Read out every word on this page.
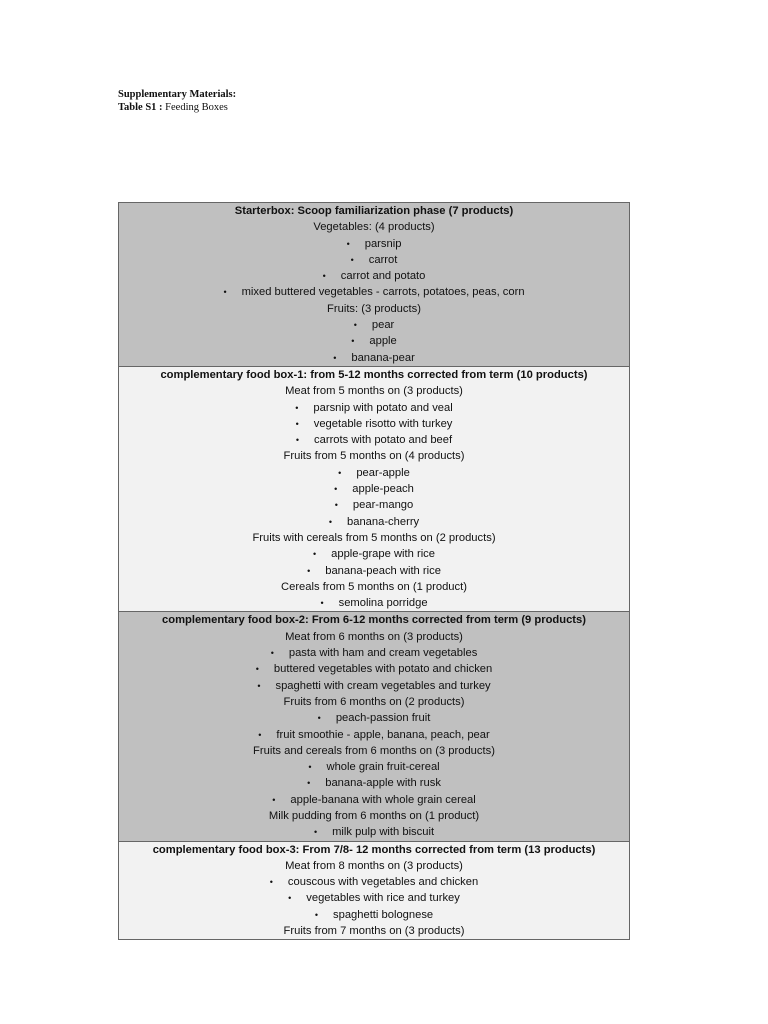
Supplementary Materials:
Table S1 : Feeding Boxes
Starterbox: Scoop familiarization phase (7 products)
Vegetables: (4 products)
• parsnip
• carrot
• carrot and potato
• mixed buttered vegetables - carrots, potatoes, peas, corn
Fruits: (3 products)
• pear
• apple
• banana-pear
complementary food box-1: from 5-12 months corrected from term (10 products)
Meat from 5 months on (3 products)
• parsnip with potato and veal
• vegetable risotto with turkey
• carrots with potato and beef
Fruits from 5 months on (4 products)
• pear-apple
• apple-peach
• pear-mango
• banana-cherry
Fruits with cereals from 5 months on (2 products)
• apple-grape with rice
• banana-peach with rice
Cereals from 5 months on (1 product)
• semolina porridge
complementary food box-2: From 6-12 months corrected from term (9 products)
Meat from 6 months on (3 products)
• pasta with ham and cream vegetables
• buttered vegetables with potato and chicken
• spaghetti with cream vegetables and turkey
Fruits from 6 months on (2 products)
• peach-passion fruit
• fruit smoothie - apple, banana, peach, pear
Fruits and cereals from 6 months on (3 products)
• whole grain fruit-cereal
• banana-apple with rusk
• apple-banana with whole grain cereal
Milk pudding from 6 months on (1 product)
• milk pulp with biscuit
complementary food box-3: From 7/8- 12 months corrected from term (13 products)
Meat from 8 months on (3 products)
• couscous with vegetables and chicken
• vegetables with rice and turkey
• spaghetti bolognese
Fruits from 7 months on (3 products)
